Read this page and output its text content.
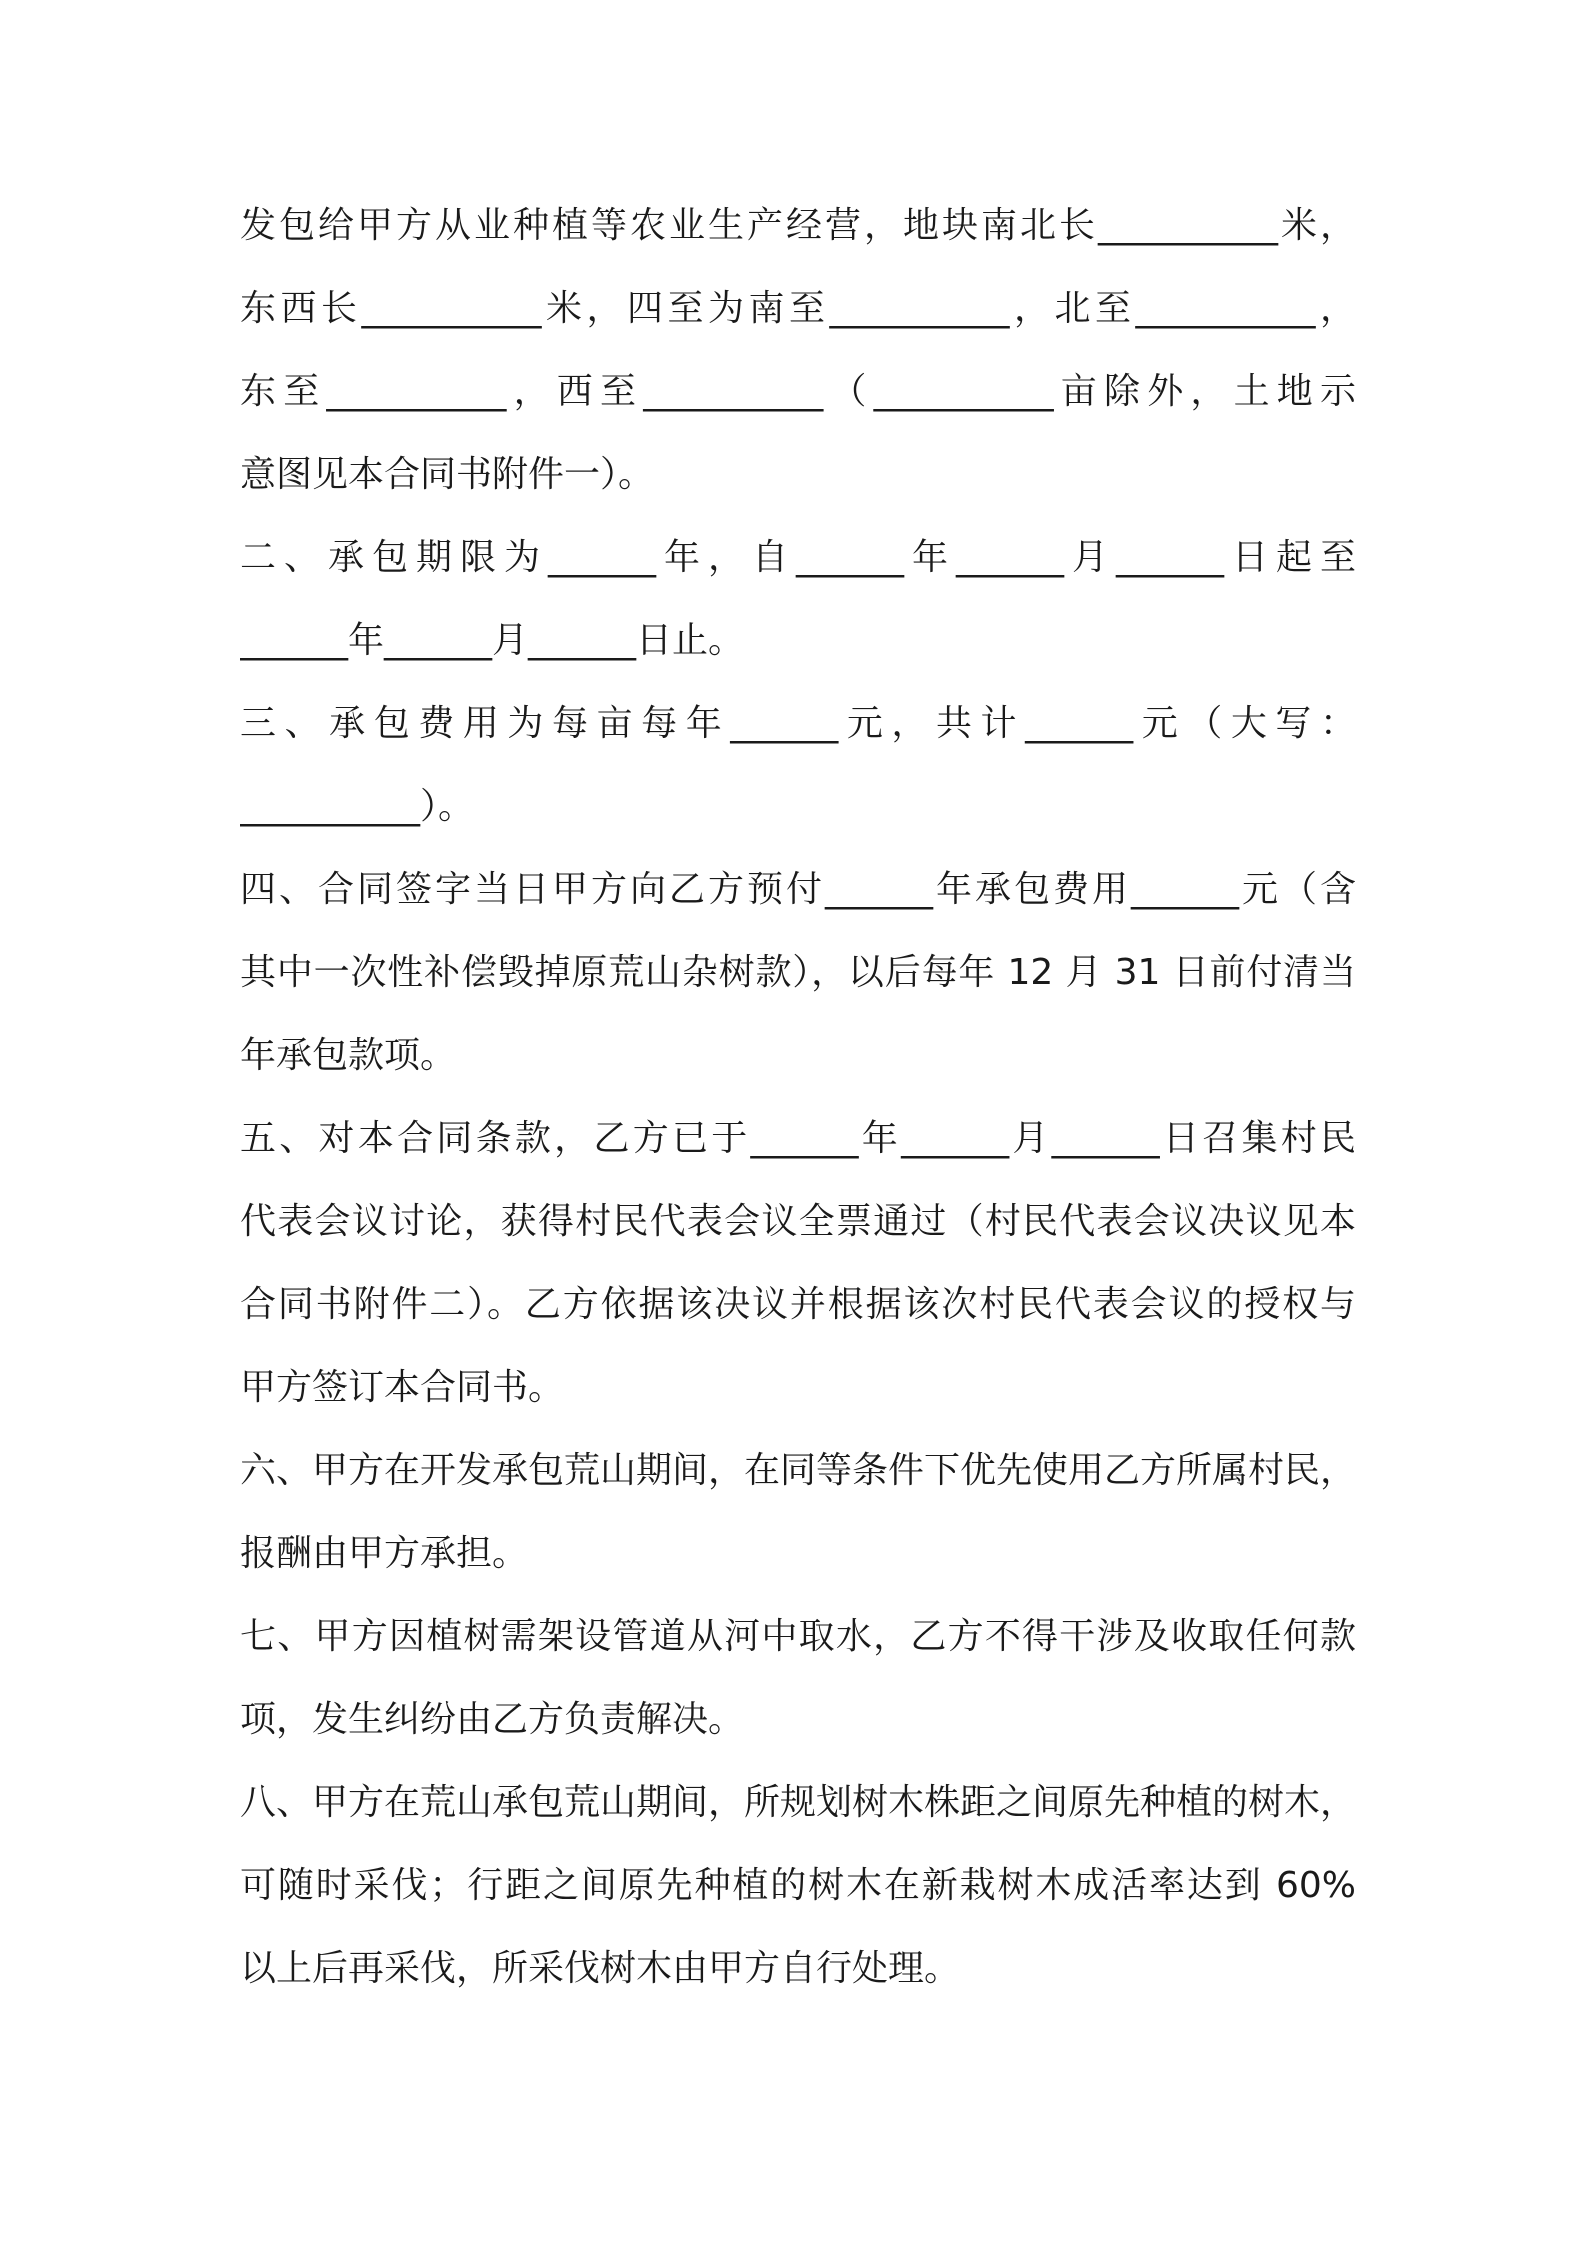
发包给甲方从业种植等农业生产经营，地块南北长__________米，
东西长__________米，四至为南至__________，北至__________，
东至__________，西至__________（__________亩除外，土地示
意图见本合同书附件一）。
二、承包期限为______年，自______年______月______日起至
______年______月______日止。
三、承包费用为每亩每年______元，共计______元（大写：
__________）。
四、合同签字当日甲方向乙方预付______年承包费用______元（含
其中一次性补偿毁掉原荒山杂树款），以后每年 12 月 31 日前付清当
年承包款项。
五、对本合同条款，乙方已于______年______月______日召集村民
代表会议讨论，获得村民代表会议全票通过（村民代表会议决议见本
合同书附件二）。乙方依据该决议并根据该次村民代表会议的授权与
甲方签订本合同书。
六、甲方在开发承包荒山期间，在同等条件下优先使用乙方所属村民，
报酬由甲方承担。
七、甲方因植树需架设管道从河中取水，乙方不得干涉及收取任何款
项，发生纠纷由乙方负责解决。
八、甲方在荒山承包荒山期间，所规划树木株距之间原先种植的树木，
可随时采伐；行距之间原先种植的树木在新栽树木成活率达到 60%
以上后再采伐，所采伐树木由甲方自行处理。
